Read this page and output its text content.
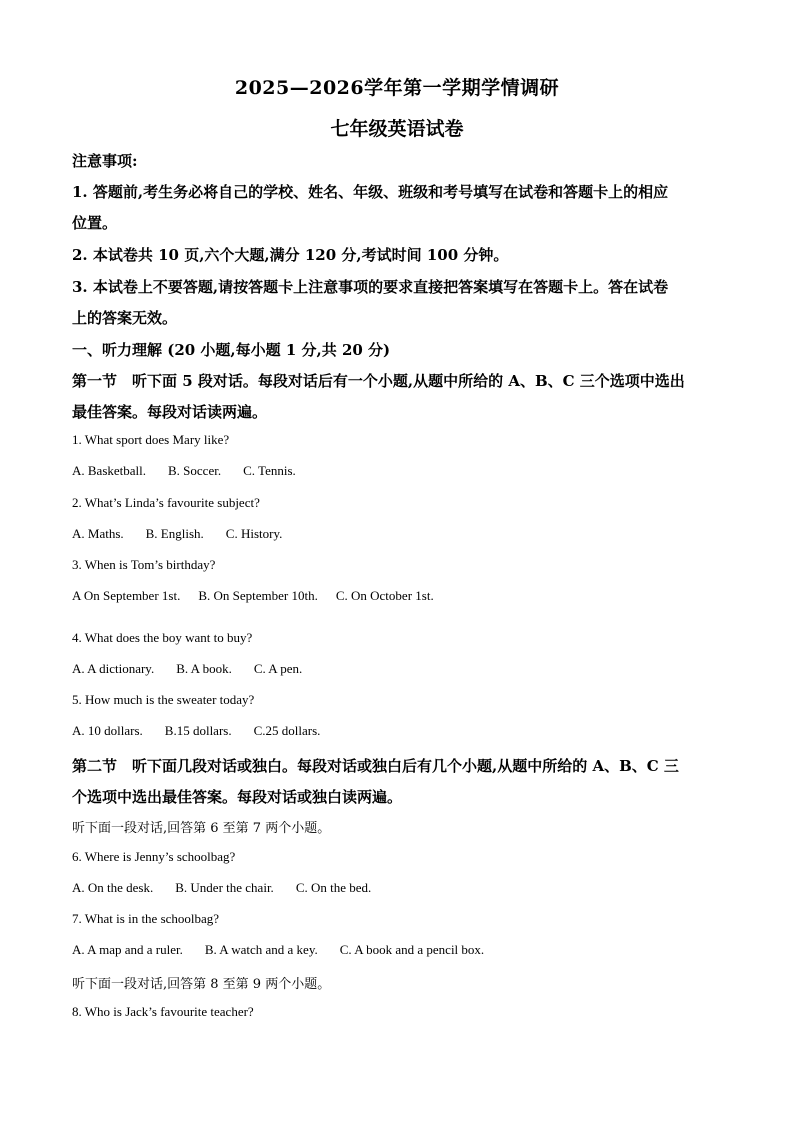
2025—2026学年第一学期学情调研
七年级英语试卷
注意事项:
1. 答题前,考生务必将自己的学校、姓名、年级、班级和考号填写在试卷和答题卡上的相应
位置。
2. 本试卷共 10 页,六个大题,满分 120 分,考试时间 100 分钟。
3. 本试卷上不要答题,请按答题卡上注意事项的要求直接把答案填写在答题卡上。答在试卷
上的答案无效。
一、听力理解 (20 小题,每小题 1 分,共 20 分)
第一节　听下面 5 段对话。每段对话后有一个小题,从题中所给的 A、B、C 三个选项中选出
最佳答案。每段对话读两遍。
1. What sport does Mary like?
A. Basketball. B. Soccer. C. Tennis.
2. What’s Linda’s favourite subject?
A. Maths. B. English. C. History.
3. When is Tom’s birthday?
A On September 1st. B. On September 10th. C. On October 1st.
4. What does the boy want to buy?
A. A dictionary. B. A book. C. A pen.
5. How much is the sweater today?
A. 10 dollars. B.15 dollars. C.25 dollars.
第二节　听下面几段对话或独白。每段对话或独白后有几个小题,从题中所给的 A、B、C 三
个选项中选出最佳答案。每段对话或独白读两遍。
听下面一段对话,回答第 6 至第 7 两个小题。
6. Where is Jenny’s schoolbag?
A. On the desk. B. Under the chair. C. On the bed.
7. What is in the schoolbag?
A. A map and a ruler. B. A watch and a key. C. A book and a pencil box.
听下面一段对话,回答第 8 至第 9 两个小题。
8. Who is Jack’s favourite teacher?
